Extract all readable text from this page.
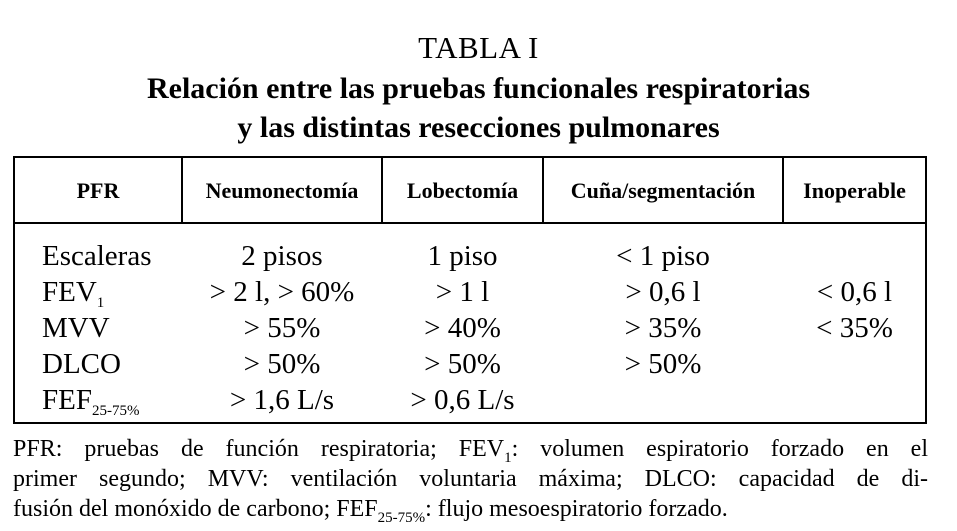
TABLA I
Relación entre las pruebas funcionales respiratorias
y las distintas resecciones pulmonares
PFR	Neumonectomía	Lobectomía	Cuña/segmentación	Inoperable
Escaleras	2 pisos	1 piso	< 1 piso
$FEV_1$	> 2 l, > 60%	> 1 l	> 0,6 l	< 0,6 l
MVV	> 55%	> 40%	> 35%	< 35%
DLCO	> 50%	> 50%	> 50%
$FEF_{25-75\%}$	> 1,6 L/s	> 0,6 L/s
PFR: pruebas de función respiratoria; $FEV_1$: volumen espiratorio forzado en el
primer segundo; MVV: ventilación voluntaria máxima; DLCO: capacidad de di-
fusión del monóxido de carbono; $FEF_{25-75\%}$: flujo mesoespiratorio forzado.
